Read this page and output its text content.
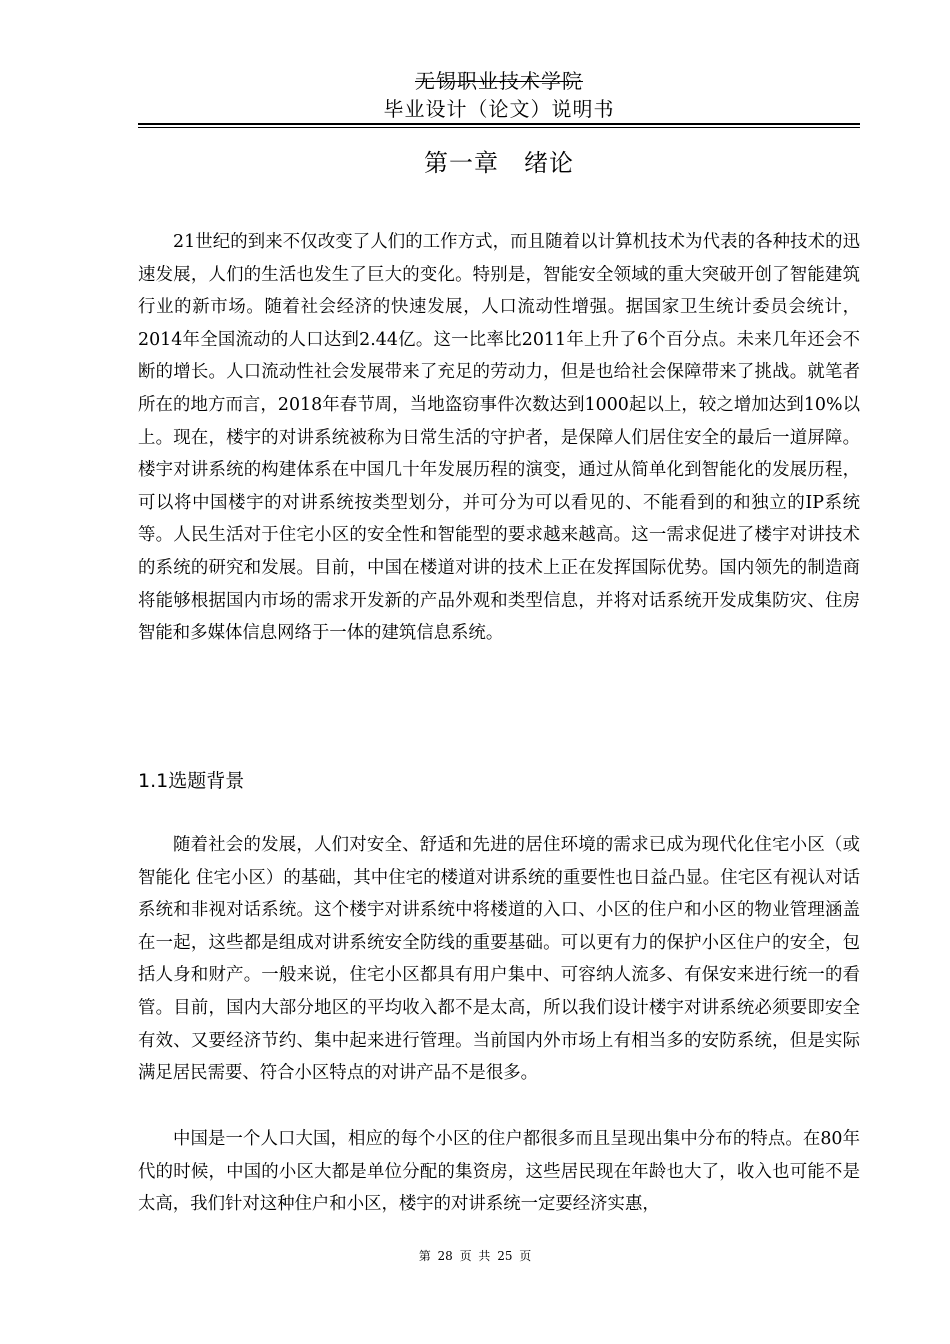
无锡职业技术学院
毕业设计（论文）说明书
第一章　绪论

21世纪的到来不仅改变了人们的工作方式，而且随着以计算机技术为代表的各种技术的迅速发展，人们的生活也发生了巨大的变化。特别是，智能安全领域的重大突破开创了智能建筑行业的新市场。随着社会经济的快速发展，人口流动性增强。据国家卫生统计委员会统计，2014年全国流动的人口达到2.44亿。这一比率比2011年上升了6个百分点。未来几年还会不断的增长。人口流动性社会发展带来了充足的劳动力，但是也给社会保障带来了挑战。就笔者所在的地方而言，2018年春节周，当地盗窃事件次数达到1000起以上，较之增加达到10%以上。现在，楼宇的对讲系统被称为日常生活的守护者，是保障人们居住安全的最后一道屏障。楼宇对讲系统的构建体系在中国几十年发展历程的演变，通过从简单化到智能化的发展历程，可以将中国楼宇的对讲系统按类型划分，并可分为可以看见的、不能看到的和独立的IP系统等。人民生活对于住宅小区的安全性和智能型的要求越来越高。这一需求促进了楼宇对讲技术的系统的研究和发展。目前，中国在楼道对讲的技术上正在发挥国际优势。国内领先的制造商将能够根据国内市场的需求开发新的产品外观和类型信息，并将对话系统开发成集防灾、住房智能和多媒体信息网络于一体的建筑信息系统。

1.1选题背景

随着社会的发展，人们对安全、舒适和先进的居住环境的需求已成为现代化住宅小区（或智能化 住宅小区）的基础，其中住宅的楼道对讲系统的重要性也日益凸显。住宅区有视认对话系统和非视对话系统。这个楼宇对讲系统中将楼道的入口、小区的住户和小区的物业管理涵盖在一起，这些都是组成对讲系统安全防线的重要基础。可以更有力的保护小区住户的安全，包括人身和财产。一般来说，住宅小区都具有用户集中、可容纳人流多、有保安来进行统一的看管。目前，国内大部分地区的平均收入都不是太高，所以我们设计楼宇对讲系统必须要即安全有效、又要经济节约、集中起来进行管理。当前国内外市场上有相当多的安防系统，但是实际满足居民需要、符合小区特点的对讲产品不是很多。

中国是一个人口大国，相应的每个小区的住户都很多而且呈现出集中分布的特点。在80年代的时候，中国的小区大都是单位分配的集资房，这些居民现在年龄也大了，收入也可能不是太高，我们针对这种住户和小区，楼宇的对讲系统一定要经济实惠，

第 28 页 共 25 页
